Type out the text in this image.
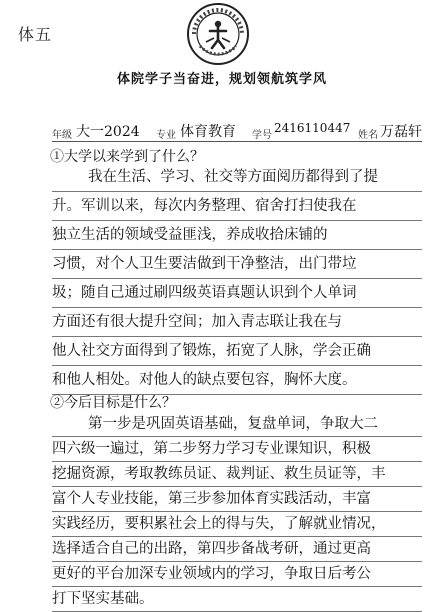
体五
体院学子当奋进，规划领航筑学风
年级 大一2024 专业 体育教育 学号
2416110447
姓名 万磊轩
①大学以来学到了什么？
我在生活、学习、社交等方面阅历都得到了提
升。军训以来，每次内务整理、宿舍打扫使我在
独立生活的领域受益匪浅，养成收拾床铺的
习惯，对个人卫生要洁做到干净整洁，出门带垃
圾；随自己通过刷四级英语真题认识到个人单词
方面还有很大提升空间；加入青志联让我在与
他人社交方面得到了锻炼，拓宽了人脉，学会正确
和他人相处。对他人的缺点要包容，胸怀大度。
②今后目标是什么？
第一步是巩固英语基础，复盘单词，争取大二
四六级一遍过，第二步努力学习专业课知识，积极
挖掘资源，考取教练员证、裁判证、救生员证等，丰
富个人专业技能，第三步参加体育实践活动，丰富
实践经历，要积累社会上的得与失，了解就业情况，
选择适合自己的出路，第四步备战考研，通过更高
更好的平台加深专业领域内的学习，争取日后考公
打下坚实基础。
